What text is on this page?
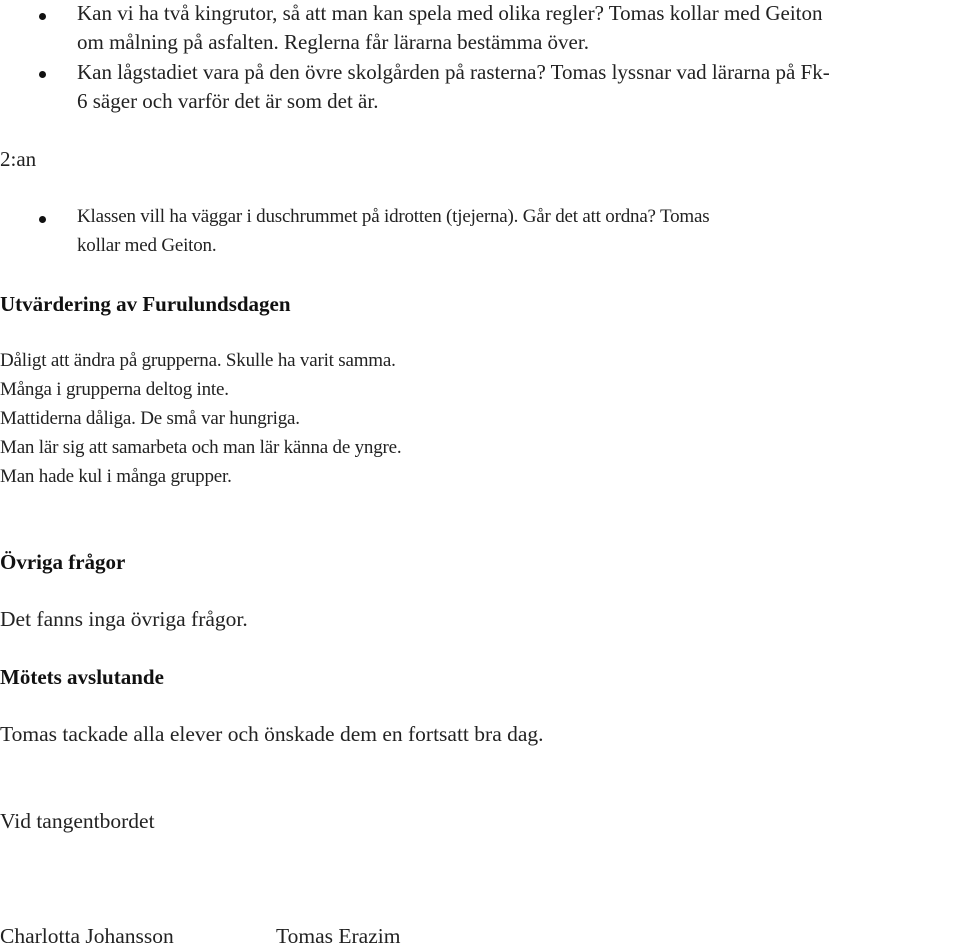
Kan vi ha två kingrutor, så att man kan spela med olika regler? Tomas kollar med Geiton

om målning på asfalten. Reglerna får lärarna bestämma över.

Kan lågstadiet vara på den övre skolgården på rasterna? Tomas lyssnar vad lärarna på Fk-

6 säger och varför det är som det är.

2:an

Klassen vill ha väggar i duschrummet på idrotten (tjejerna). Går det att ordna? Tomas

kollar med Geiton.

Utvärdering av Furulundsdagen

Dåligt att ändra på grupperna. Skulle ha varit samma.

Många i grupperna deltog inte.

Mattiderna dåliga. De små var hungriga.

Man lär sig att samarbeta och man lär känna de yngre.

Man hade kul i många grupper.

Övriga frågor

Det fanns inga övriga frågor.

Mötets avslutande

Tomas tackade alla elever och önskade dem en fortsatt bra dag.

Vid tangentbordet

Charlotta Johansson	Tomas Erazim
